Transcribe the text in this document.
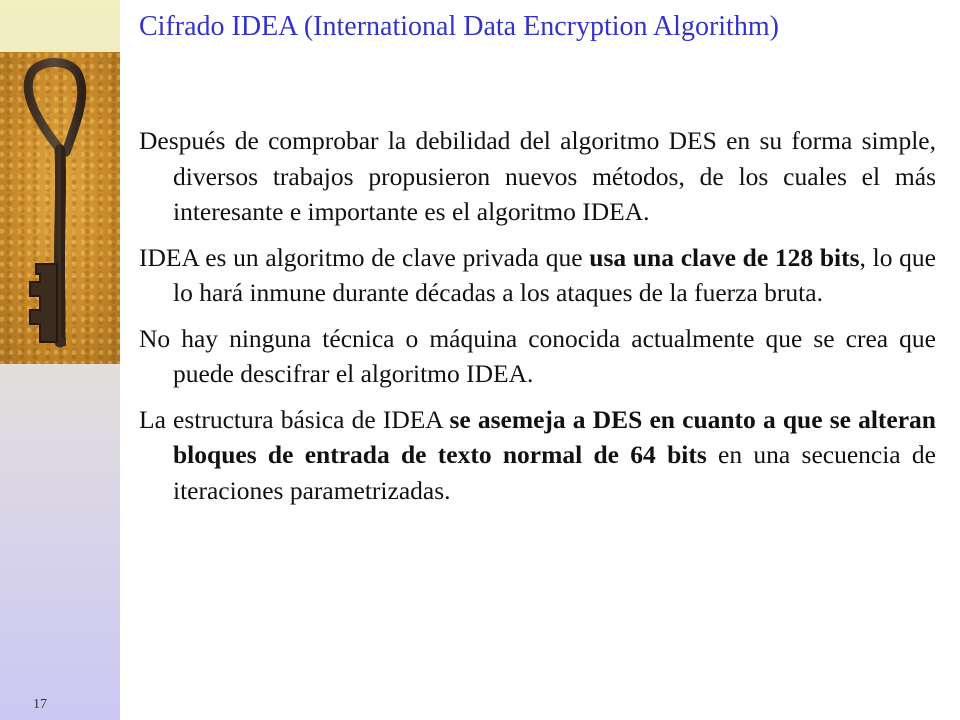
17
Cifrado IDEA (International Data Encryption Algorithm)

Después de comprobar la debilidad del algoritmo DES en su forma simple, diversos trabajos propusieron nuevos métodos, de los cuales el más interesante e importante es el algoritmo IDEA.

IDEA es un algoritmo de clave privada que usa una clave de 128 bits, lo que lo hará inmune durante décadas a los ataques de la fuerza bruta.

No hay ninguna técnica o máquina conocida actualmente que se crea que puede descifrar el algoritmo IDEA.

La estructura básica de IDEA se asemeja a DES en cuanto a que se alteran bloques de entrada de texto normal de 64 bits en una secuencia de iteraciones parametrizadas.
